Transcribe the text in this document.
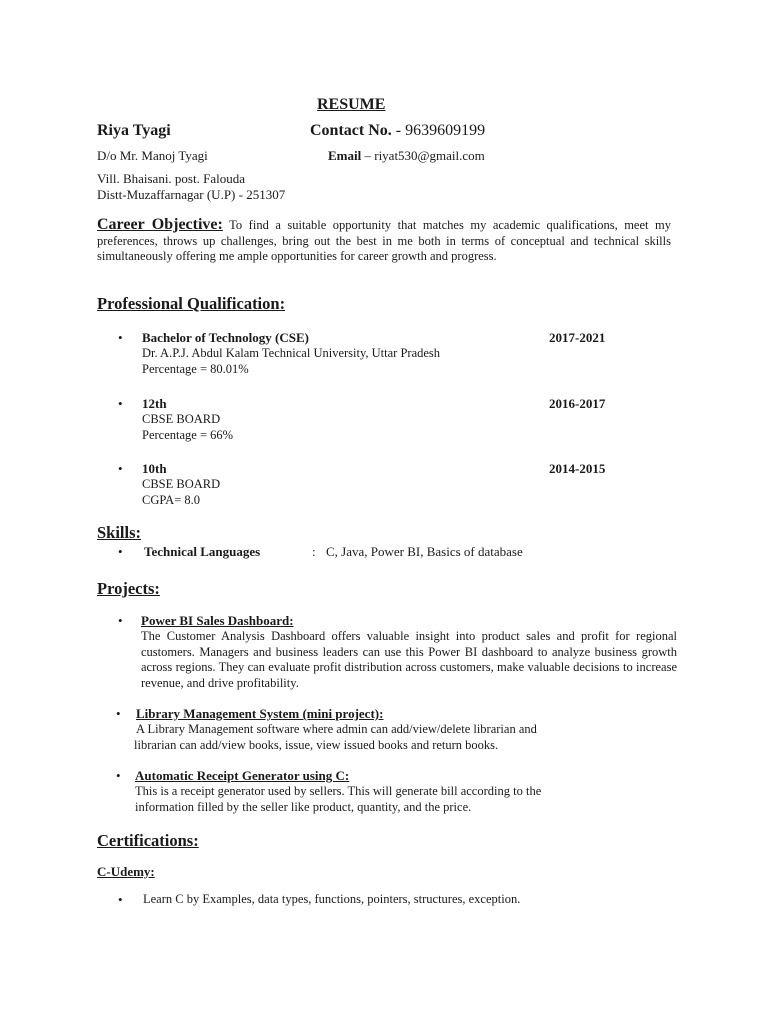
RESUME
Riya Tyagi	Contact No. - 9639609199
D/o Mr. Manoj Tyagi	Email – riyat530@gmail.com
Vill. Bhaisani. post. Falouda
Distt-Muzaffarnagar (U.P) - 251307
Career Objective: To find a suitable opportunity that matches my academic qualifications, meet my preferences, throws up challenges, bring out the best in me both in terms of conceptual and technical skills simultaneously offering me ample opportunities for career growth and progress.
Professional Qualification:
• Bachelor of Technology (CSE)	2017-2021
Dr. A.P.J. Abdul Kalam Technical University, Uttar Pradesh
Percentage = 80.01%
• 12th	2016-2017
CBSE BOARD
Percentage = 66%
• 10th	2014-2015
CBSE BOARD
CGPA= 8.0
Skills:
• Technical Languages	: C, Java, Power BI, Basics of database
Projects:
• Power BI Sales Dashboard:
The Customer Analysis Dashboard offers valuable insight into product sales and profit for regional customers. Managers and business leaders can use this Power BI dashboard to analyze business growth across regions. They can evaluate profit distribution across customers, make valuable decisions to increase revenue, and drive profitability.
• Library Management System (mini project):
A Library Management software where admin can add/view/delete librarian and
librarian can add/view books, issue, view issued books and return books.
• Automatic Receipt Generator using C:
This is a receipt generator used by sellers. This will generate bill according to the
information filled by the seller like product, quantity, and the price.
Certifications:
C-Udemy:
• Learn C by Examples, data types, functions, pointers, structures, exception.
